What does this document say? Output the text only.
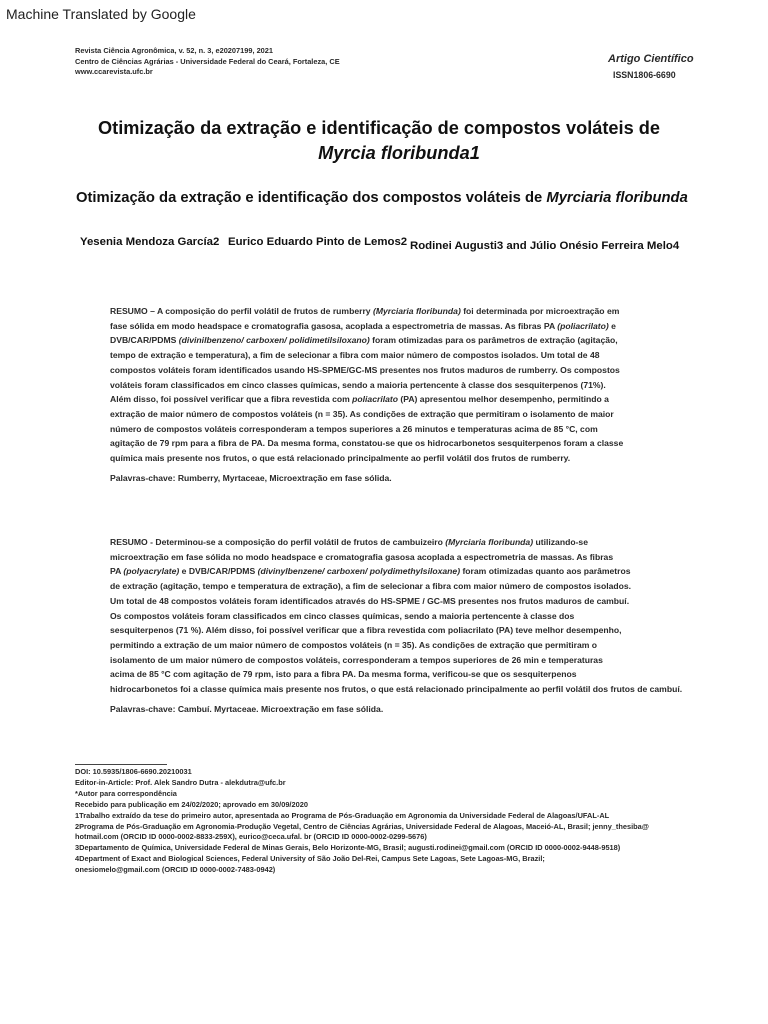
Machine Translated by Google
Revista Ciência Agronômica, v. 52, n. 3, e20207199, 2021
Centro de Ciências Agrárias - Universidade Federal do Ceará, Fortaleza, CE
www.ccarevista.ufc.br
Artigo Científico
ISSN1806-6690
Otimização da extração e identificação de compostos voláteis de
Myrcia floribunda1
Otimização da extração e identificação dos compostos voláteis de Myrciaria floribunda
Yesenia Mendoza García2 Eurico Eduardo Pinto de Lemos2 Rodinei Augusti3 and Júlio Onésio Ferreira Melo4

RESUMO – A composição do perfil volátil de frutos de rumberry (Myrciaria floribunda) foi determinada por microextração em

fase sólida em modo headspace e cromatografia gasosa, acoplada a espectrometria de massas. As fibras PA (poliacrilato) e

DVB/CAR/PDMS (divinilbenzeno/ carboxen/ polidimetilsiloxano) foram otimizadas para os parâmetros de extração (agitação,

tempo de extração e temperatura), a fim de selecionar a fibra com maior número de compostos isolados. Um total de 48

compostos voláteis foram identificados usando HS-SPME/GC-MS presentes nos frutos maduros de rumberry. Os compostos

voláteis foram classificados em cinco classes químicas, sendo a maioria pertencente à classe dos sesquiterpenos (71%).

Além disso, foi possível verificar que a fibra revestida com poliacrilato (PA) apresentou melhor desempenho, permitindo a

extração de maior número de compostos voláteis (n = 35). As condições de extração que permitiram o isolamento de maior

número de compostos voláteis corresponderam a tempos superiores a 26 minutos e temperaturas acima de 85 °C, com

agitação de 79 rpm para a fibra de PA. Da mesma forma, constatou-se que os hidrocarbonetos sesquiterpenos foram a classe

química mais presente nos frutos, o que está relacionado principalmente ao perfil volátil dos frutos de rumberry.

Palavras-chave: Rumberry, Myrtaceae, Microextração em fase sólida.

RESUMO - Determinou-se a composição do perfil volátil de frutos de cambuizeiro (Myrciaria floribunda) utilizando-se

microextração em fase sólida no modo headspace e cromatografia gasosa acoplada a espectrometria de massas. As fibras

PA (polyacrylate) e DVB/CAR/PDMS (divinylbenzene/ carboxen/ polydimethylsiloxane) foram otimizadas quanto aos parâmetros

de extração (agitação, tempo e temperatura de extração), a fim de selecionar a fibra com maior número de compostos isolados.

Um total de 48 compostos voláteis foram identificados através do HS-SPME / GC-MS presentes nos frutos maduros de cambuí.

Os compostos voláteis foram classificados em cinco classes químicas, sendo a maioria pertencente à classe dos

sesquiterpenos (71 %). Além disso, foi possível verificar que a fibra revestida com poliacrilato (PA) teve melhor desempenho,

permitindo a extração de um maior número de compostos voláteis (n = 35). As condições de extração que permitiram o

isolamento de um maior número de compostos voláteis, corresponderam a tempos superiores de 26 min e temperaturas

acima de 85 °C com agitação de 79 rpm, isto para a fibra PA. Da mesma forma, verificou-se que os sesquiterpenos

hidrocarbonetos foi a classe química mais presente nos frutos, o que está relacionado principalmente ao perfil volátil dos frutos de cambuí.

Palavras-chave: Cambuí. Myrtaceae. Microextração em fase sólida.

DOI: 10.5935/1806-6690.20210031

Editor-in-Article: Prof. Alek Sandro Dutra - alekdutra@ufc.br

*Autor para correspondência

Recebido para publicação em 24/02/2020; aprovado em 30/09/2020

1Trabalho extraído da tese do primeiro autor, apresentada ao Programa de Pós-Graduação em Agronomia da Universidade Federal de Alagoas/UFAL-AL

2Programa de Pós-Graduação em Agronomia-Produção Vegetal, Centro de Ciências Agrárias, Universidade Federal de Alagoas, Maceió-AL, Brasil; jenny_thesiba@

hotmail.com (ORCID ID 0000-0002-8833-259X), eurico@ceca.ufal. br (ORCID ID 0000-0002-0299-5676)

3Departamento de Química, Universidade Federal de Minas Gerais, Belo Horizonte-MG, Brasil; augusti.rodinei@gmail.com (ORCID ID 0000-0002-9448-9518)

4Department of Exact and Biological Sciences, Federal University of São João Del-Rei, Campus Sete Lagoas, Sete Lagoas-MG, Brazil;

onesiomelo@gmail.com (ORCID ID 0000-0002-7483-0942)
